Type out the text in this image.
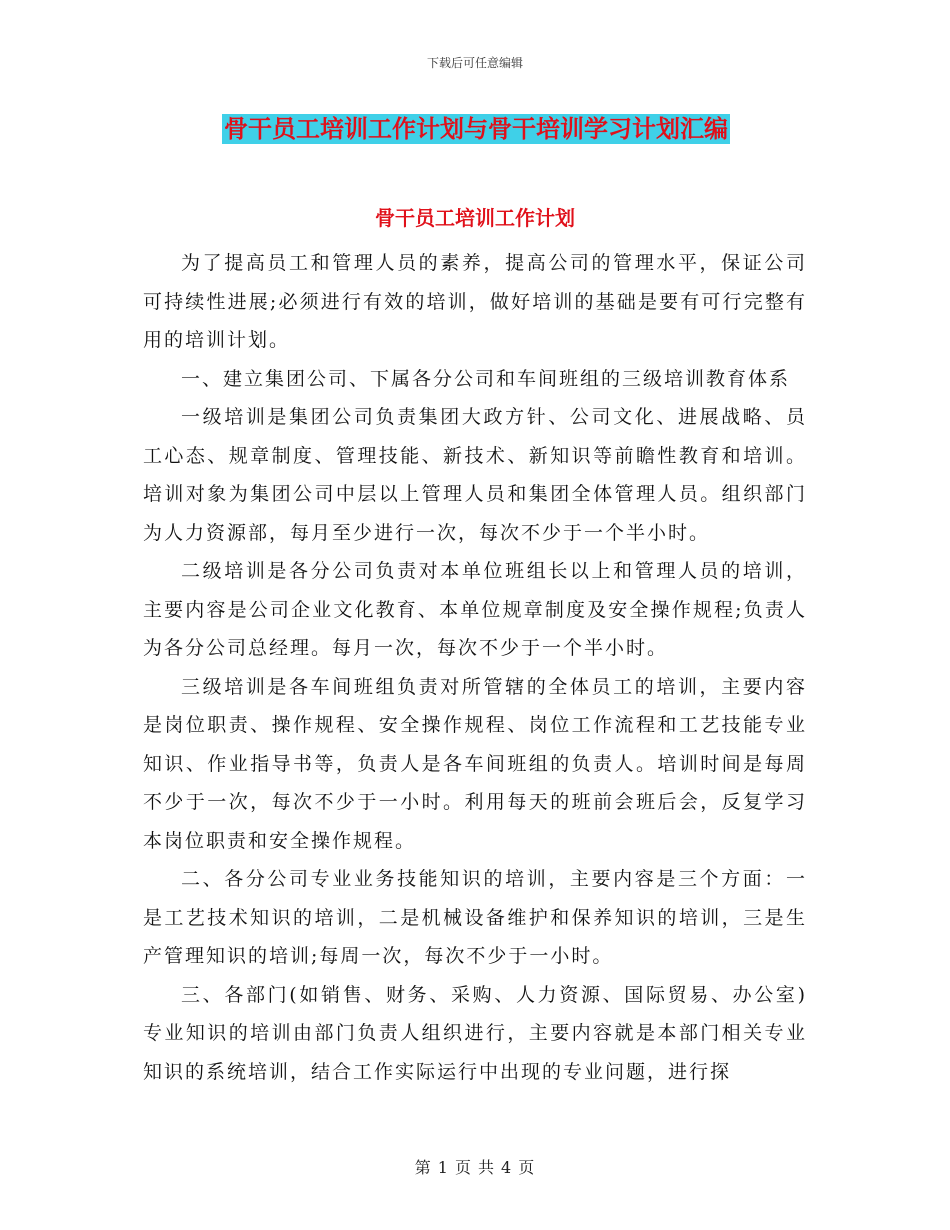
下载后可任意编辑
骨干员工培训工作计划与骨干培训学习计划汇编
骨干员工培训工作计划

为了提高员工和管理人员的素养，提高公司的管理水平，保证公司可持续性进展;必须进行有效的培训，做好培训的基础是要有可行完整有用的培训计划。

一、建立集团公司、下属各分公司和车间班组的三级培训教育体系

一级培训是集团公司负责集团大政方针、公司文化、进展战略、员工心态、规章制度、管理技能、新技术、新知识等前瞻性教育和培训。培训对象为集团公司中层以上管理人员和集团全体管理人员。组织部门为人力资源部，每月至少进行一次，每次不少于一个半小时。

二级培训是各分公司负责对本单位班组长以上和管理人员的培训，主要内容是公司企业文化教育、本单位规章制度及安全操作规程;负责人为各分公司总经理。每月一次，每次不少于一个半小时。

三级培训是各车间班组负责对所管辖的全体员工的培训，主要内容是岗位职责、操作规程、安全操作规程、岗位工作流程和工艺技能专业知识、作业指导书等，负责人是各车间班组的负责人。培训时间是每周不少于一次，每次不少于一小时。利用每天的班前会班后会，反复学习本岗位职责和安全操作规程。

二、各分公司专业业务技能知识的培训，主要内容是三个方面：一是工艺技术知识的培训，二是机械设备维护和保养知识的培训，三是生产管理知识的培训;每周一次，每次不少于一小时。

三、各部门(如销售、财务、采购、人力资源、国际贸易、办公室)专业知识的培训由部门负责人组织进行，主要内容就是本部门相关专业知识的系统培训，结合工作实际运行中出现的专业问题，进行探

第 1 页 共 4 页
